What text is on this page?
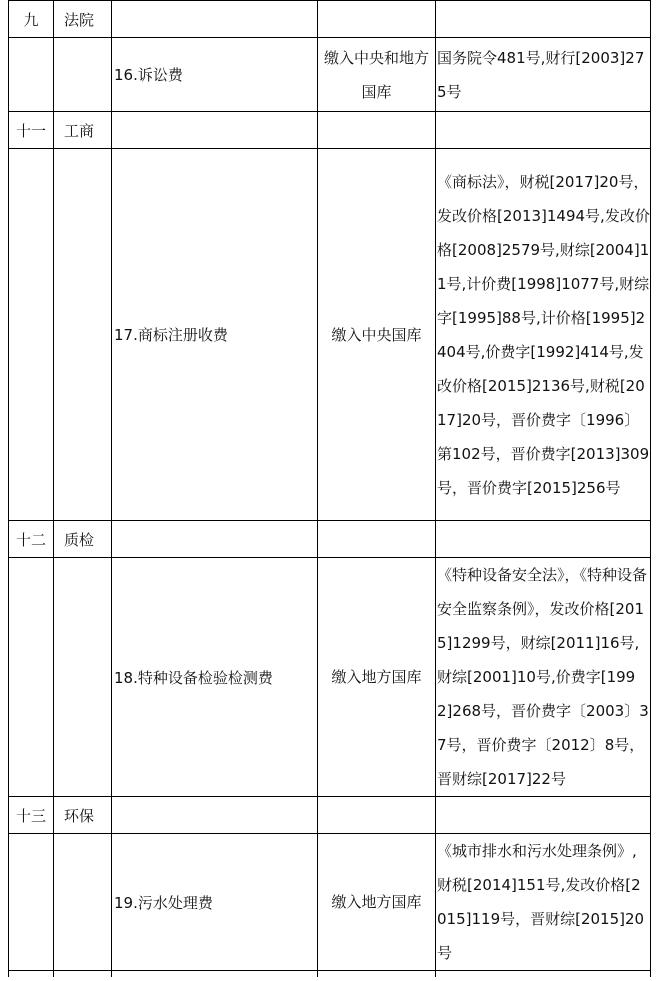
九	法院			
		16.诉讼费	缴入中央和地方国库	国务院令481号,财行[2003]275号
十一	工商			
		17.商标注册收费	缴入中央国库	《商标法》，财税[2017]20号，发改价格[2013]1494号,发改价格[2008]2579号,财综[2004]11号,计价费[1998]1077号,财综字[1995]88号,计价格[1995]2404号,价费字[1992]414号,发改价格[2015]2136号,财税[2017]20号，晋价费字〔1996〕第102号，晋价费字[2013]309号，晋价费字[2015]256号
十二	质检			
		18.特种设备检验检测费	缴入地方国库	《特种设备安全法》，《特种设备安全监察条例》，发改价格[2015]1299号，财综[2011]16号,财综[2001]10号,价费字[1992]268号，晋价费字〔2003〕37号，晋价费字〔2012〕8号，晋财综[2017]22号
十三	环保			
		19.污水处理费	缴入地方国库	《城市排水和污水处理条例》,财税[2014]151号,发改价格[2015]119号，晋财综[2015]20号
